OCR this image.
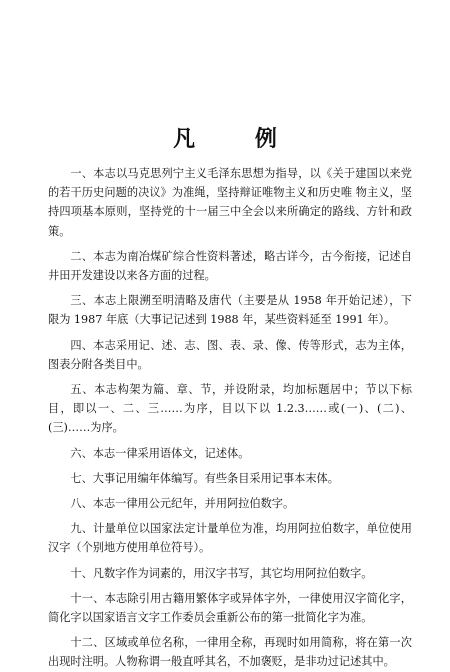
凡 例

一、本志以马克思列宁主义毛泽东思想为指导，以《关于建国以来党的若干历史问题的决议》为准绳，坚持辩证唯物主义和历史唯 物主义，坚持四项基本原则，坚持党的十一届三中全会以来所确定的路线、方针和政策。

二、本志为南冶煤矿综合性资料著述，略古详今，古今衔接，记述自井田开发建设以来各方面的过程。

三、本志上限溯至明清略及唐代（主要是从 1958 年开始记述），下限为 1987 年底（大事记记述到 1988 年，某些资料延至 1991 年）。

四、本志采用记、述、志、图、表、录、像、传等形式，志为主体，图表分附各类目中。

五、本志构架为篇、章、节，并设附录，均加标题居中；节以下标目，即以一、二、三……为序，目以下以 1.2.3……或(一)、(二)、(三)……为序。

六、本志一律采用语体文，记述体。

七、大事记用编年体编写。有些条目采用记事本末体。

八、本志一律用公元纪年，并用阿拉伯数字。

九、计量单位以国家法定计量单位为准，均用阿拉伯数字，单位使用汉字（个别地方使用单位符号）。

十、凡数字作为词素的，用汉字书写，其它均用阿拉伯数字。

十一、本志除引用古籍用繁体字或异体字外，一律使用汉字简化字，简化字以国家语言文字工作委员会重新公布的第一批简化字为准。

十二、区域或单位名称，一律用全称，再现时如用简称，将在第一次出现时注明。人物称谓一般直呼其名，不加褒贬，是非功过记述其中。
